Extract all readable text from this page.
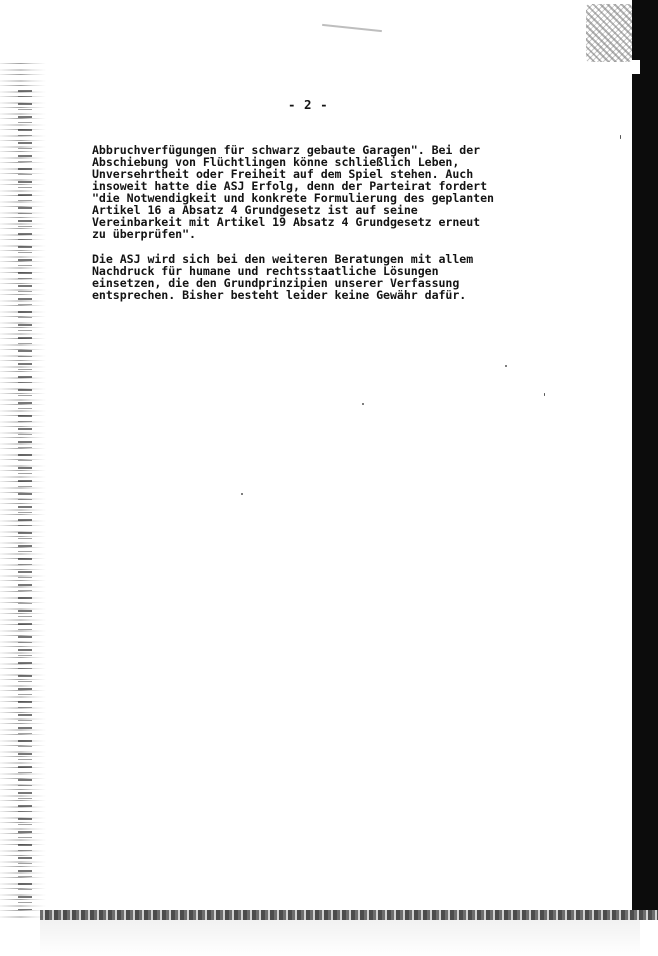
- 2 -

Abbruchverfügungen für schwarz gebaute Garagen". Bei der
Abschiebung von Flüchtlingen könne schließlich Leben,
Unversehrtheit oder Freiheit auf dem Spiel stehen. Auch
insoweit hatte die ASJ Erfolg, denn der Parteirat fordert
"die Notwendigkeit und konkrete Formulierung des geplanten
Artikel 16 a Absatz 4 Grundgesetz ist auf seine
Vereinbarkeit mit Artikel 19 Absatz 4 Grundgesetz erneut
zu überprüfen".

Die ASJ wird sich bei den weiteren Beratungen mit allem
Nachdruck für humane und rechtsstaatliche Lösungen
einsetzen, die den Grundprinzipien unserer Verfassung
entsprechen. Bisher besteht leider keine Gewähr dafür.
